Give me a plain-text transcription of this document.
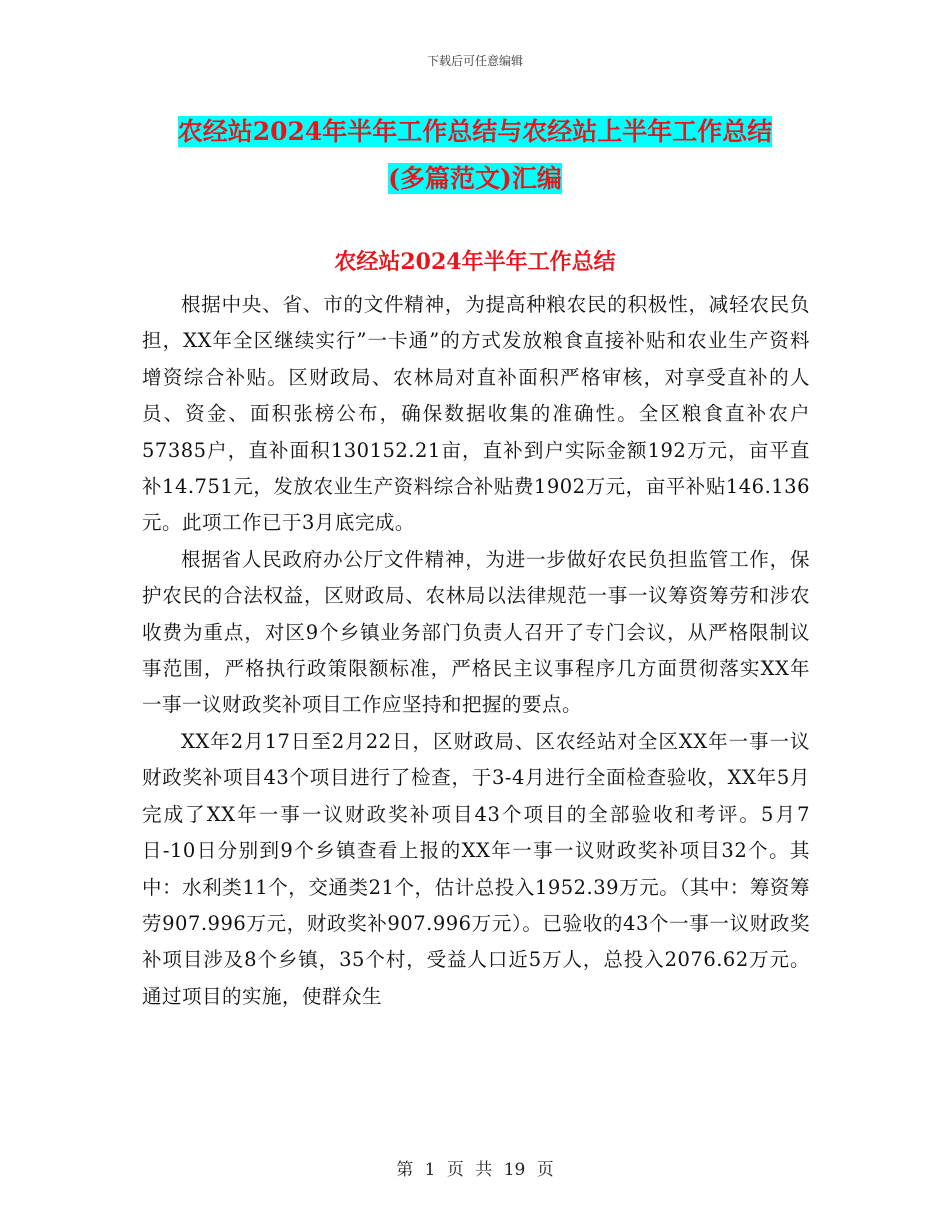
下载后可任意编辑
农经站2024年半年工作总结与农经站上半年工作总结
(多篇范文)汇编
农经站2024年半年工作总结

根据中央、省、市的文件精神，为提高种粮农民的积极性，减轻农民负担，XX年全区继续实行”一卡通”的方式发放粮食直接补贴和农业生产资料增资综合补贴。区财政局、农林局对直补面积严格审核，对享受直补的人员、资金、面积张榜公布，确保数据收集的准确性。全区粮食直补农户57385户，直补面积130152.21亩，直补到户实际金额192万元，亩平直补14.751元，发放农业生产资料综合补贴费1902万元，亩平补贴146.136元。此项工作已于3月底完成。

根据省人民政府办公厅文件精神，为进一步做好农民负担监管工作，保护农民的合法权益，区财政局、农林局以法律规范一事一议筹资筹劳和涉农收费为重点，对区9个乡镇业务部门负责人召开了专门会议，从严格限制议事范围，严格执行政策限额标准，严格民主议事程序几方面贯彻落实XX年一事一议财政奖补项目工作应坚持和把握的要点。

XX年2月17日至2月22日，区财政局、区农经站对全区XX年一事一议财政奖补项目43个项目进行了检查，于3-4月进行全面检查验收，XX年5月完成了XX年一事一议财政奖补项目43个项目的全部验收和考评。5月7日-10日分别到9个乡镇查看上报的XX年一事一议财政奖补项目32个。其中：水利类11个，交通类21个，估计总投入1952.39万元。（其中：筹资筹劳907.996万元，财政奖补907.996万元）。已验收的43个一事一议财政奖补项目涉及8个乡镇，35个村，受益人口近5万人，总投入2076.62万元。通过项目的实施，使群众生

第 1 页 共 19 页
